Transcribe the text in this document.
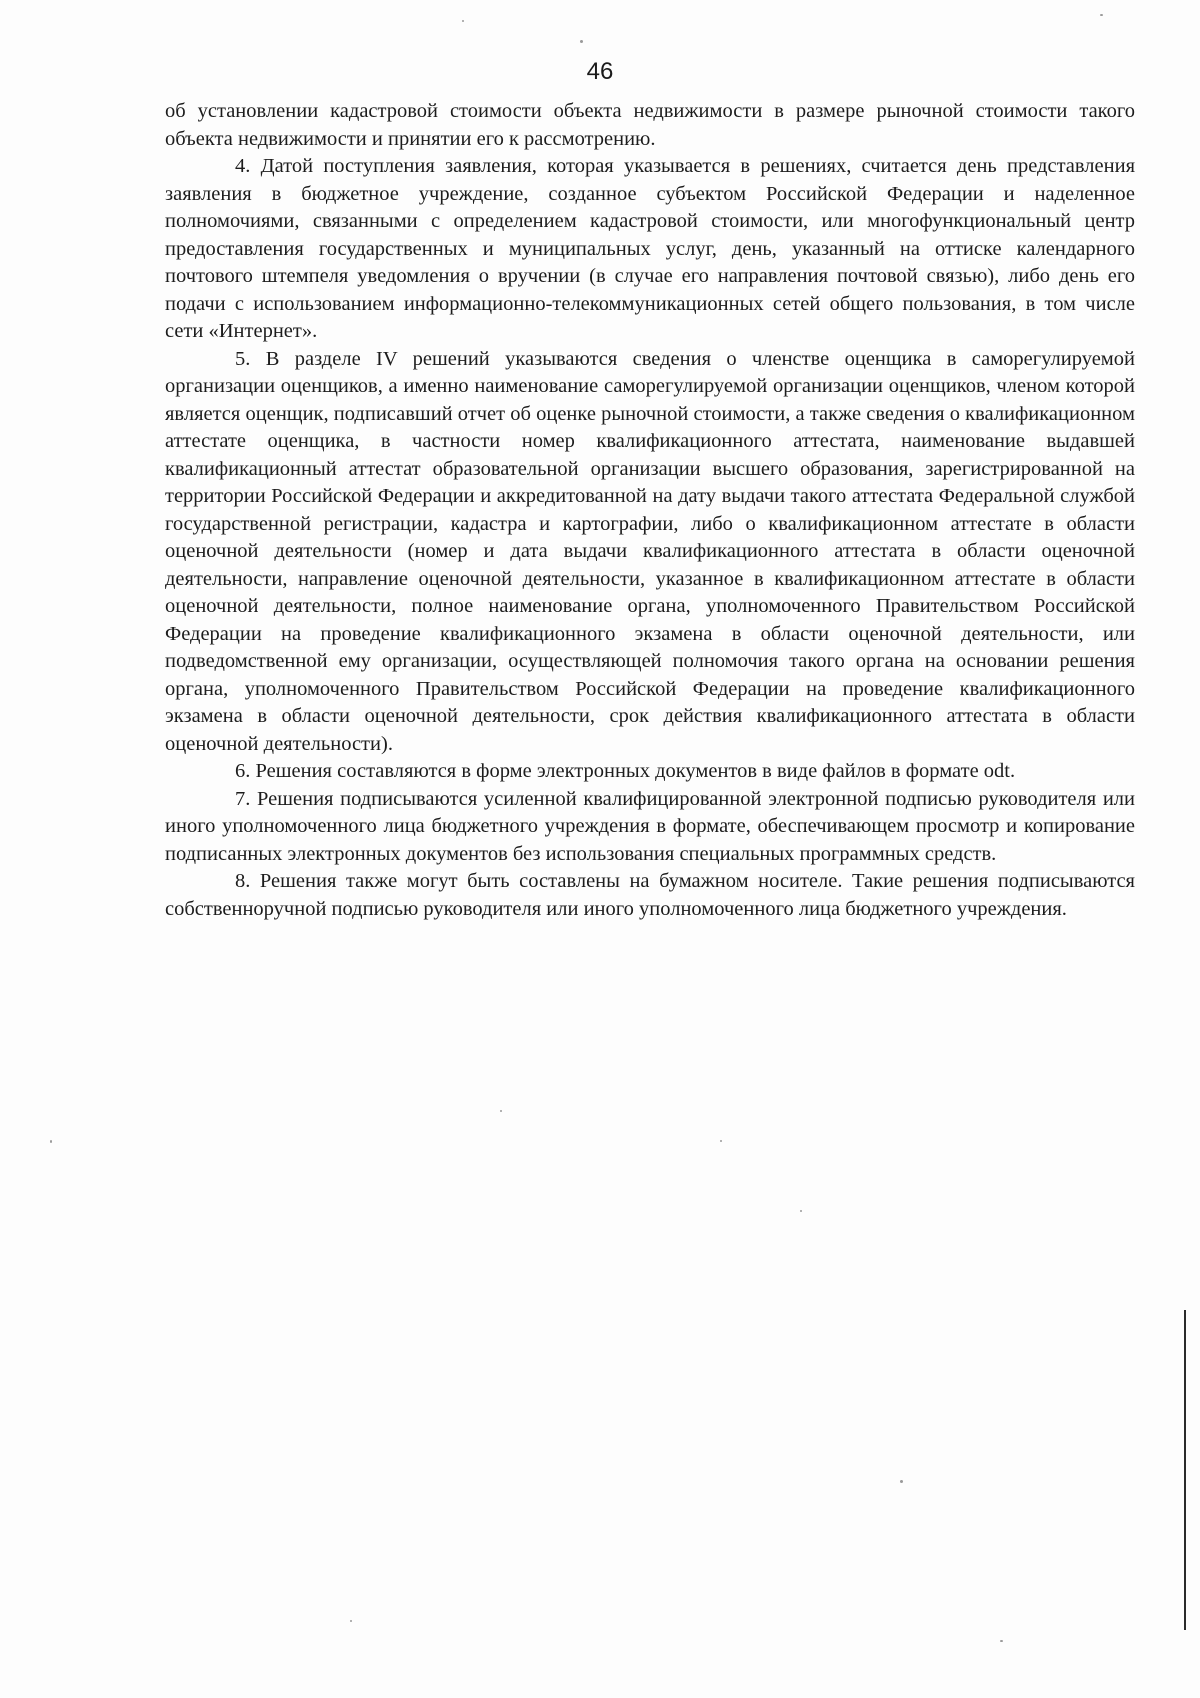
46

об установлении кадастровой стоимости объекта недвижимости в размере рыночной стоимости такого объекта недвижимости и принятии его к рассмотрению.

4. Датой поступления заявления, которая указывается в решениях, считается день представления заявления в бюджетное учреждение, созданное субъектом Российской Федерации и наделенное полномочиями, связанными с определением кадастровой стоимости, или многофункциональный центр предоставления государственных и муниципальных услуг, день, указанный на оттиске календарного почтового штемпеля уведомления о вручении (в случае его направления почтовой связью), либо день его подачи с использованием информационно-телекоммуникационных сетей общего пользования, в том числе сети «Интернет».

5. В разделе IV решений указываются сведения о членстве оценщика в саморегулируемой организации оценщиков, а именно наименование саморегулируемой организации оценщиков, членом которой является оценщик, подписавший отчет об оценке рыночной стоимости, а также сведения о квалификационном аттестате оценщика, в частности номер квалификационного аттестата, наименование выдавшей квалификационный аттестат образовательной организации высшего образования, зарегистрированной на территории Российской Федерации и аккредитованной на дату выдачи такого аттестата Федеральной службой государственной регистрации, кадастра и картографии, либо о квалификационном аттестате в области оценочной деятельности (номер и дата выдачи квалификационного аттестата в области оценочной деятельности, направление оценочной деятельности, указанное в квалификационном аттестате в области оценочной деятельности, полное наименование органа, уполномоченного Правительством Российской Федерации на проведение квалификационного экзамена в области оценочной деятельности, или подведомственной ему организации, осуществляющей полномочия такого органа на основании решения органа, уполномоченного Правительством Российской Федерации на проведение квалификационного экзамена в области оценочной деятельности, срок действия квалификационного аттестата в области оценочной деятельности).

6. Решения составляются в форме электронных документов в виде файлов в формате odt.

7. Решения подписываются усиленной квалифицированной электронной подписью руководителя или иного уполномоченного лица бюджетного учреждения в формате, обеспечивающем просмотр и копирование подписанных электронных документов без использования специальных программных средств.

8. Решения также могут быть составлены на бумажном носителе. Такие решения подписываются собственноручной подписью руководителя или иного уполномоченного лица бюджетного учреждения.
